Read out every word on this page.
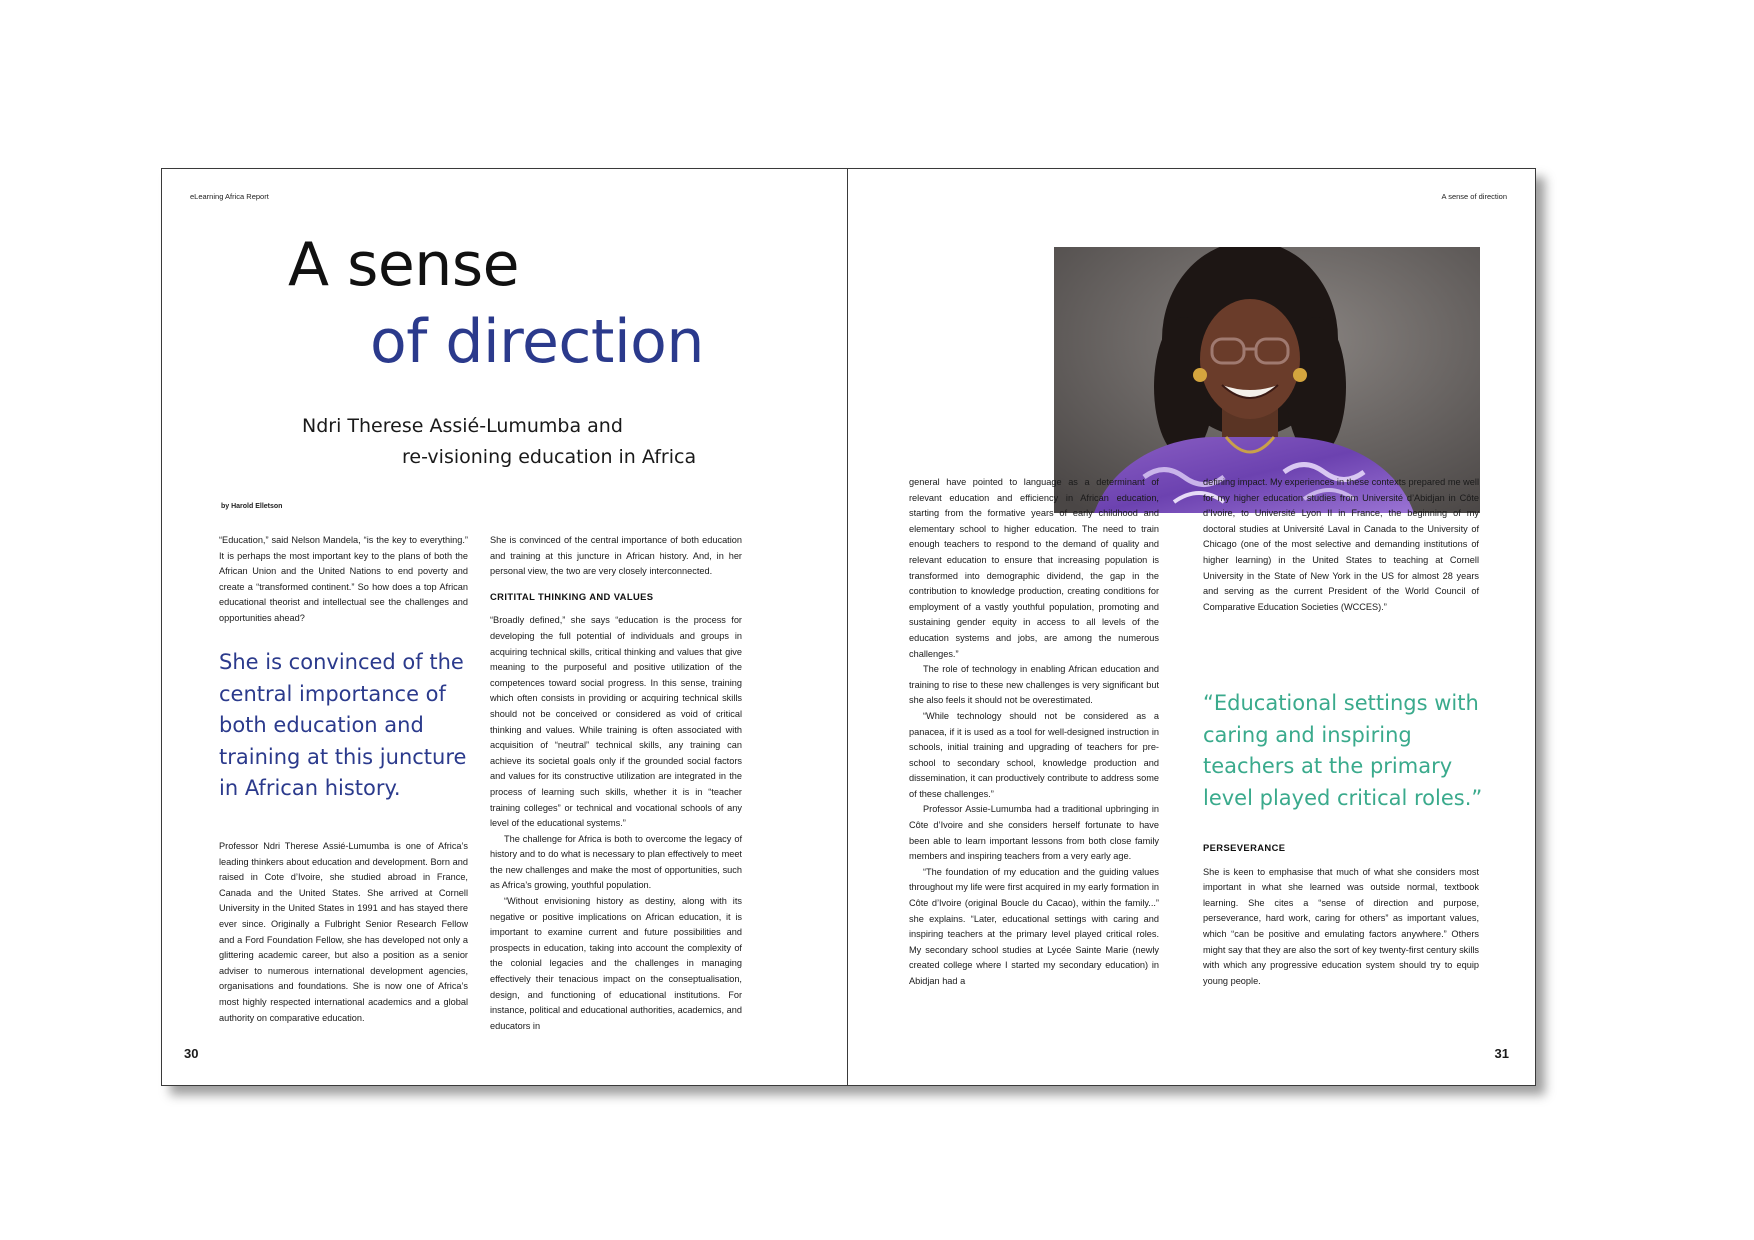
eLearning Africa Report
A sense
of direction
Ndri Therese Assié-Lumumba and
re-visioning education in Africa
by Harold Elletson

“Education,” said Nelson Mandela, “is the key to everything.” It is perhaps the most important key to the plans of both the African Union and the United Nations to end poverty and create a “transformed continent.” So how does a top African educational theorist and intellectual see the challenges and opportunities ahead?

She is convinced of the central importance of both education and training at this juncture in African history.

Professor Ndri Therese Assié-Lumumba is one of Africa’s leading thinkers about education and development. Born and raised in Cote d’Ivoire, she studied abroad in France, Canada and the United States. She arrived at Cornell University in the United States in 1991 and has stayed there ever since. Originally a Fulbright Senior Research Fellow and a Ford Foundation Fellow, she has developed not only a glittering academic career, but also a position as a senior adviser to numerous international development agencies, organisations and foundations. She is now one of Africa’s most highly respected international academics and a global authority on comparative education.

She is convinced of the central importance of both education and training at this juncture in African history. And, in her personal view, the two are very closely interconnected.

CRITITAL THINKING AND VALUES

“Broadly defined,” she says “education is the process for developing the full potential of individuals and groups in acquiring technical skills, critical thinking and values that give meaning to the purposeful and positive utilization of the competences toward social progress. In this sense, training which often consists in providing or acquiring technical skills should not be conceived or considered as void of critical thinking and values. While training is often associated with acquisition of “neutral” technical skills, any training can achieve its societal goals only if the grounded social factors and values for its constructive utilization are integrated in the process of learning such skills, whether it is in “teacher training colleges” or technical and vocational schools of any level of the educational systems.”

The challenge for Africa is both to overcome the legacy of history and to do what is necessary to plan effectively to meet the new challenges and make the most of opportunities, such as Africa’s growing, youthful population.

“Without envisioning history as destiny, along with its negative or positive implications on African education, it is important to examine current and future possibilities and prospects in education, taking into account the complexity of the colonial legacies and the challenges in managing effectively their tenacious impact on the conseptualisation, design, and functioning of educational institutions. For instance, political and educational authorities, academics, and educators in

30
A sense of direction

general have pointed to language as a determinant of relevant education and efficiency in African education, starting from the formative years of early childhood and elementary school to higher education. The need to train enough teachers to respond to the demand of quality and relevant education to ensure that increasing population is transformed into demographic dividend, the gap in the contribution to knowledge production, creating conditions for employment of a vastly youthful population, promoting and sustaining gender equity in access to all levels of the education systems and jobs, are among the numerous challenges.”

The role of technology in enabling African education and training to rise to these new challenges is very significant but she also feels it should not be overestimated.

“While technology should not be considered as a panacea, if it is used as a tool for well-designed instruction in schools, initial training and upgrading of teachers for pre-school to secondary school, knowledge production and dissemination, it can productively contribute to address some of these challenges.”

Professor Assie-Lumumba had a traditional upbringing in Côte d’Ivoire and she considers herself fortunate to have been able to learn important lessons from both close family members and inspiring teachers from a very early age.

“The foundation of my education and the guiding values throughout my life were first acquired in my early formation in Côte d’Ivoire (original Boucle du Cacao), within the family...” she explains. “Later, educational settings with caring and inspiring teachers at the primary level played critical roles. My secondary school studies at Lycée Sainte Marie (newly created college where I started my secondary education) in Abidjan had a

defining impact. My experiences in these contexts prepared me well for my higher education studies from Université d’Abidjan in Côte d’Ivoire, to Université Lyon II in France, the beginning of my doctoral studies at Université Laval in Canada to the University of Chicago (one of the most selective and demanding institutions of higher learning) in the United States to teaching at Cornell University in the State of New York in the US for almost 28 years and serving as the current President of the World Council of Comparative Education Societies (WCCES).”

“Educational settings with caring and inspiring teachers at the primary level played critical roles.”
PERSEVERANCE

She is keen to emphasise that much of what she considers most important in what she learned was outside normal, textbook learning. She cites a “sense of direction and purpose, perseverance, hard work, caring for others” as important values, which “can be positive and emulating factors anywhere.” Others might say that they are also the sort of key twenty-first century skills with which any progressive education system should try to equip young people.

31
